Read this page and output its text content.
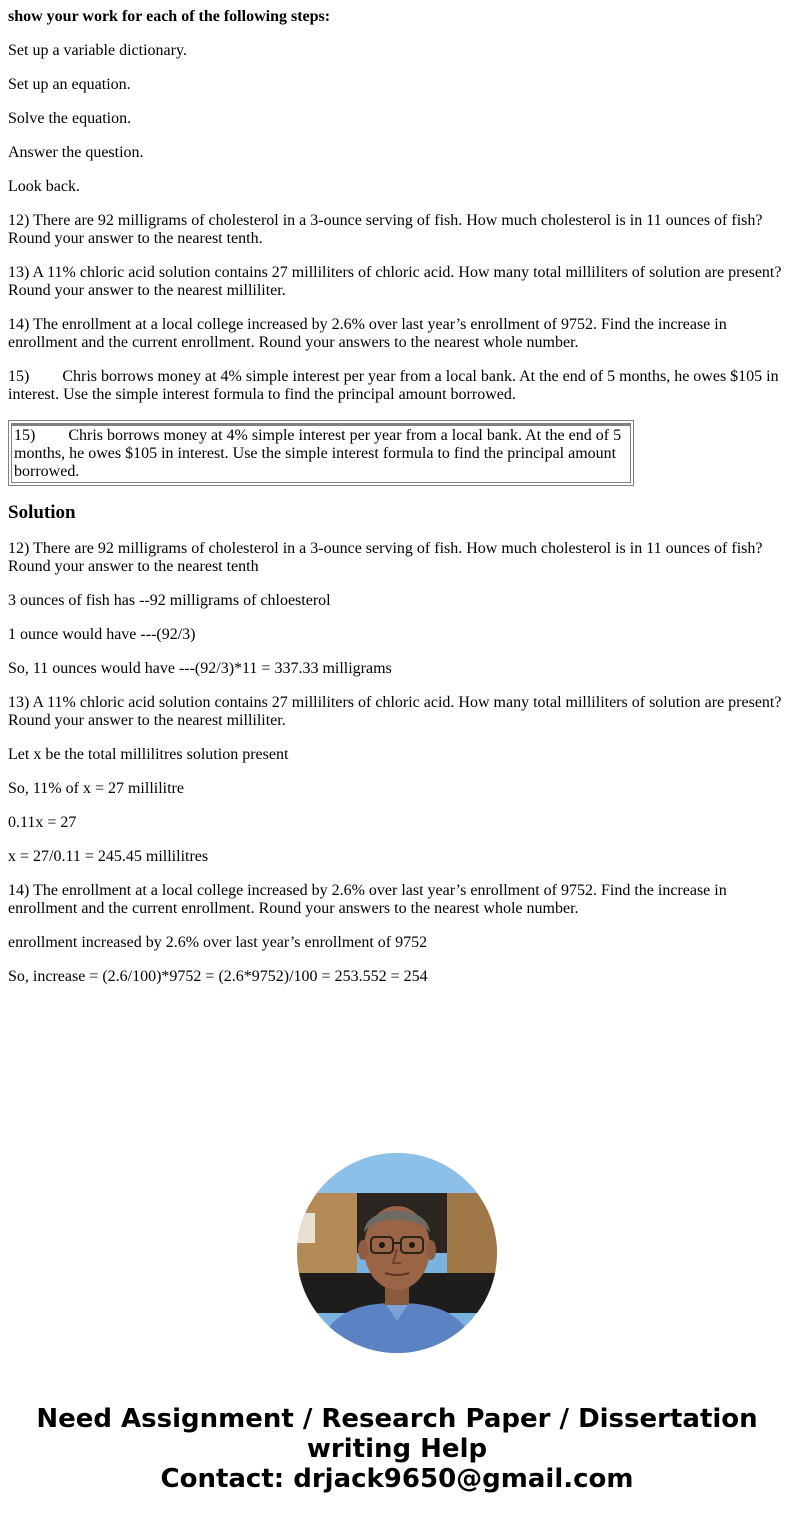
show your work for each of the following steps:

Set up a variable dictionary.

Set up an equation.

Solve the equation.

Answer the question.

Look back.

12) There are 92 milligrams of cholesterol in a 3-ounce serving of fish. How much cholesterol is in 11 ounces of fish? Round your answer to the nearest tenth.

13) A 11% chloric acid solution contains 27 milliliters of chloric acid. How many total milliliters of solution are present? Round your answer to the nearest milliliter.

14) The enrollment at a local college increased by 2.6% over last year’s enrollment of 9752. Find the increase in enrollment and the current enrollment. Round your answers to the nearest whole number.

15) Chris borrows money at 4% simple interest per year from a local bank. At the end of 5 months, he owes $105 in interest. Use the simple interest formula to find the principal amount borrowed.

15) Chris borrows money at 4% simple interest per year from a local bank. At the end of 5 months, he owes $105 in interest. Use the simple interest formula to find the principal amount borrowed.
Solution

12) There are 92 milligrams of cholesterol in a 3-ounce serving of fish. How much cholesterol is in 11 ounces of fish? Round your answer to the nearest tenth

3 ounces of fish has --92 milligrams of chloesterol

1 ounce would have ---(92/3)

So, 11 ounces would have ---(92/3)*11 = 337.33 milligrams

13) A 11% chloric acid solution contains 27 milliliters of chloric acid. How many total milliliters of solution are present? Round your answer to the nearest milliliter.

Let x be the total millilitres solution present

So, 11% of x = 27 millilitre

0.11x = 27

x = 27/0.11 = 245.45 millilitres

14) The enrollment at a local college increased by 2.6% over last year’s enrollment of 9752. Find the increase in enrollment and the current enrollment. Round your answers to the nearest whole number.

enrollment increased by 2.6% over last year’s enrollment of 9752

So, increase = (2.6/100)*9752 = (2.6*9752)/100 = 253.552 = 254

Need Assignment / Research Paper / Dissertation
writing Help
Contact: drjack9650@gmail.com
